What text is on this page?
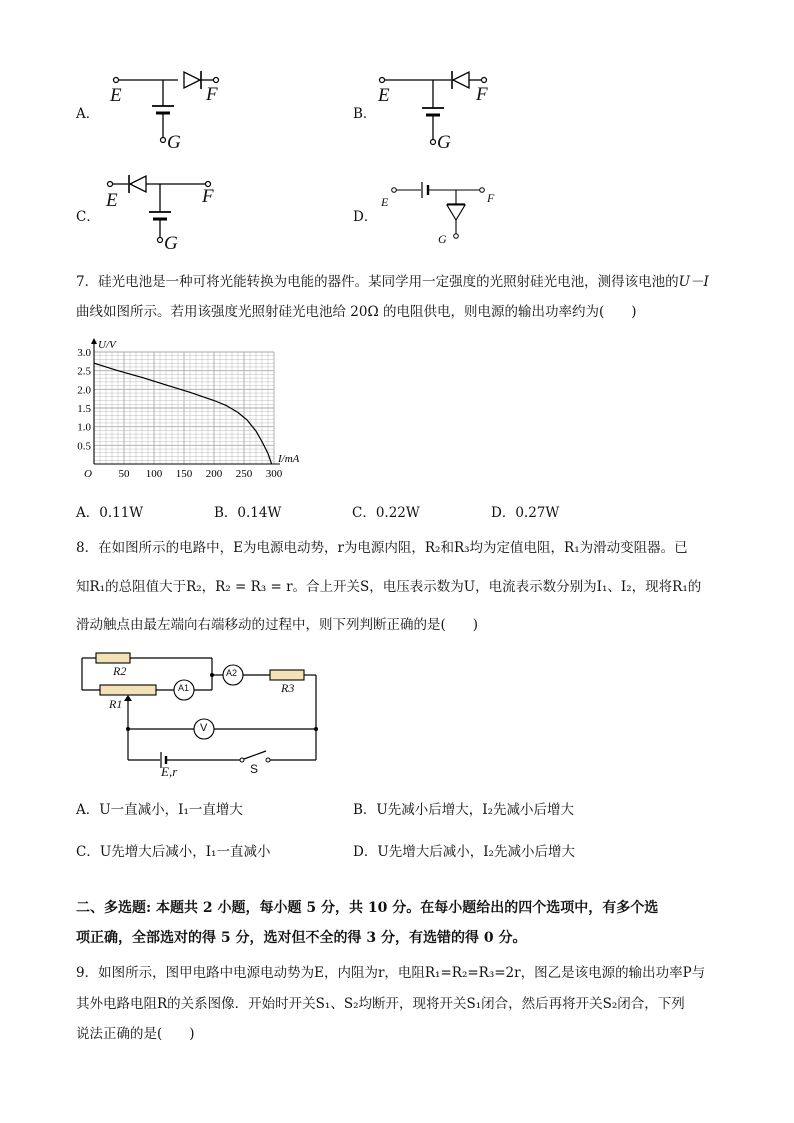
A．
E	F
G
B．
E	F
G
C．
E	F
G
D．
E	F
G
7．硅光电池是一种可将光能转换为电能的器件。某同学用一定强度的光照射硅光电池，测得该电池的U－I
曲线如图所示。若用该强度光照射硅光电池给 20Ω 的电阻供电，则电源的输出功率约为(　　)
50 100 150 200 250 300
0.5
1.0
1.5
2.0
2.5
3.0
U/V
I/mA
O
A．0.11W	B．0.14W	C．0.22W	D．0.27W
8．在如图所示的电路中，E为电源电动势，r为电源内阻，R₂和R₃均为定值电阻，R₁为滑动变阻器。已
知R₁的总阻值大于R₂，R₂ = R₃ = r。合上开关S，电压表示数为U，电流表示数分别为I₁、I₂，现将R₁的
滑动触点由最左端向右端移动的过程中，则下列判断正确的是(　　)
R2
R1
R3
A1
A2
V
E,r	S
A．U一直减小，I₁一直增大	B．U先减小后增大，I₂先减小后增大
C．U先增大后减小，I₁一直减小	D．U先增大后减小，I₂先减小后增大
二、多选题: 本题共 2 小题，每小题 5 分，共 10 分。在每小题给出的四个选项中，有多个选
项正确，全部选对的得 5 分，选对但不全的得 3 分，有选错的得 0 分。
9．如图所示，图甲电路中电源电动势为E，内阻为r，电阻R₁=R₂=R₃=2r，图乙是该电源的输出功率P与
其外电路电阻R的关系图像．开始时开关S₁、S₂均断开，现将开关S₁闭合，然后再将开关S₂闭合，下列
说法正确的是(　　)
